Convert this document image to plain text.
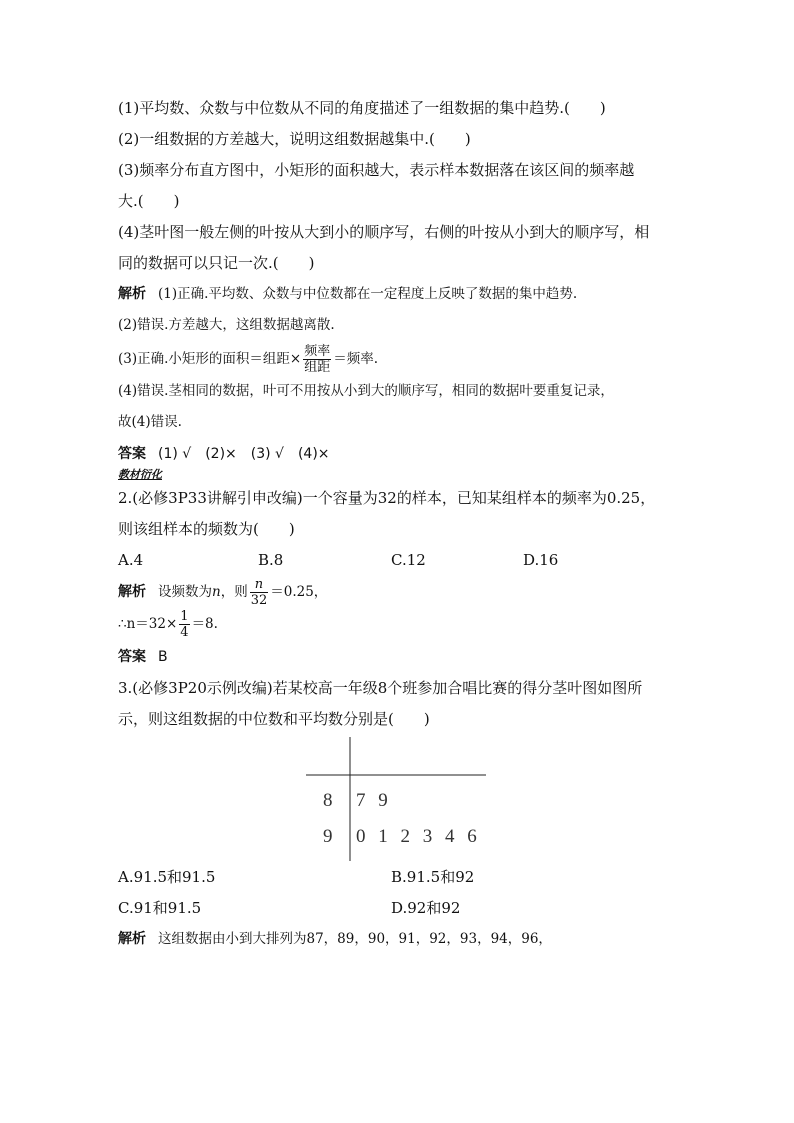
(1)平均数、众数与中位数从不同的角度描述了一组数据的集中趋势.(　　)

(2)一组数据的方差越大，说明这组数据越集中.(　　)

(3)频率分布直方图中，小矩形的面积越大，表示样本数据落在该区间的频率越

大.(　　)

(4)茎叶图一般左侧的叶按从大到小的顺序写，右侧的叶按从小到大的顺序写，相

同的数据可以只记一次.(　　)

解析 (1)正确.平均数、众数与中位数都在一定程度上反映了数据的集中趋势.

(2)错误.方差越大，这组数据越离散.

(3)正确.小矩形的面积＝组距× $\frac{\text{频率}}{\text{组距}}$ ＝频率.

(4)错误.茎相同的数据，叶可不用按从小到大的顺序写，相同的数据叶要重复记录，

故(4)错误.

答案 (1) √　(2)×　(3) √　(4)×

教材衍化

2.(必修3P33讲解引申改编)一个容量为32的样本，已知某组样本的频率为0.25，

则该组样本的频数为(　　)

A.4	B.8	C.12	D.16

解析 设频数为n，则 $\frac{n}{32} =0.25$，

∴n＝32× $\frac{1}{4} =8$.

答案 B

3.(必修3P20示例改编)若某校高一年级8个班参加合唱比赛的得分茎叶图如图所

示，则这组数据的中位数和平均数分别是(　　)

8 7 9
9 0 1 2 3 4 6
A.91.5和91.5	B.91.5和92
C.91和91.5	D.92和92

解析 这组数据由小到大排列为87，89，90，91，92，93，94，96，
